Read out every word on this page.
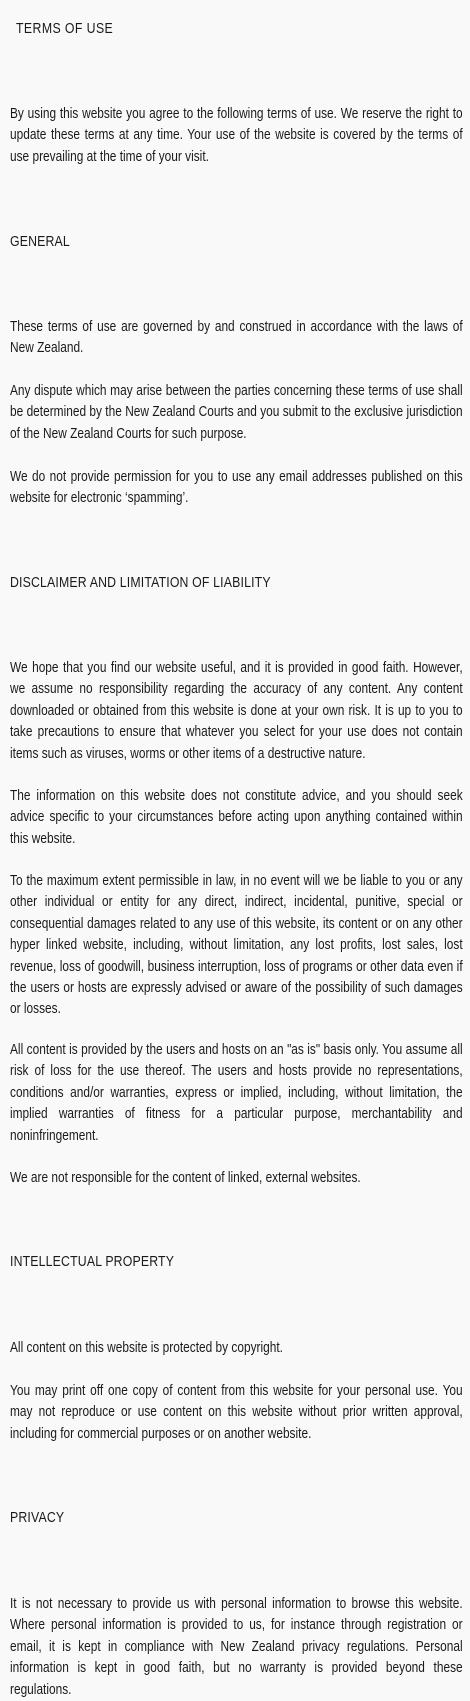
TERMS OF USE

By using this website you agree to the following terms of use. We reserve the right to update these terms at any time. Your use of the website is covered by the terms of use prevailing at the time of your visit.

GENERAL

These terms of use are governed by and construed in accordance with the laws of New Zealand.

Any dispute which may arise between the parties concerning these terms of use shall be determined by the New Zealand Courts and you submit to the exclusive jurisdiction of the New Zealand Courts for such purpose.

We do not provide permission for you to use any email addresses published on this website for electronic ‘spamming’.

DISCLAIMER AND LIMITATION OF LIABILITY

We hope that you find our website useful, and it is provided in good faith. However, we assume no responsibility regarding the accuracy of any content. Any content downloaded or obtained from this website is done at your own risk. It is up to you to take precautions to ensure that whatever you select for your use does not contain items such as viruses, worms or other items of a destructive nature.

The information on this website does not constitute advice, and you should seek advice specific to your circumstances before acting upon anything contained within this website.

To the maximum extent permissible in law, in no event will we be liable to you or any other individual or entity for any direct, indirect, incidental, punitive, special or consequential damages related to any use of this website, its content or on any other hyper linked website, including, without limitation, any lost profits, lost sales, lost revenue, loss of goodwill, business interruption, loss of programs or other data even if the users or hosts are expressly advised or aware of the possibility of such damages or losses.

All content is provided by the users and hosts on an "as is" basis only. You assume all risk of loss for the use thereof. The users and hosts provide no representations, conditions and/or warranties, express or implied, including, without limitation, the implied warranties of fitness for a particular purpose, merchantability and noninfringement.

We are not responsible for the content of linked, external websites.

INTELLECTUAL PROPERTY

All content on this website is protected by copyright.

You may print off one copy of content from this website for your personal use. You may not reproduce or use content on this website without prior written approval, including for commercial purposes or on another website.

PRIVACY

It is not necessary to provide us with personal information to browse this website. Where personal information is provided to us, for instance through registration or email, it is kept in compliance with New Zealand privacy regulations. Personal information is kept in good faith, but no warranty is provided beyond these regulations.
